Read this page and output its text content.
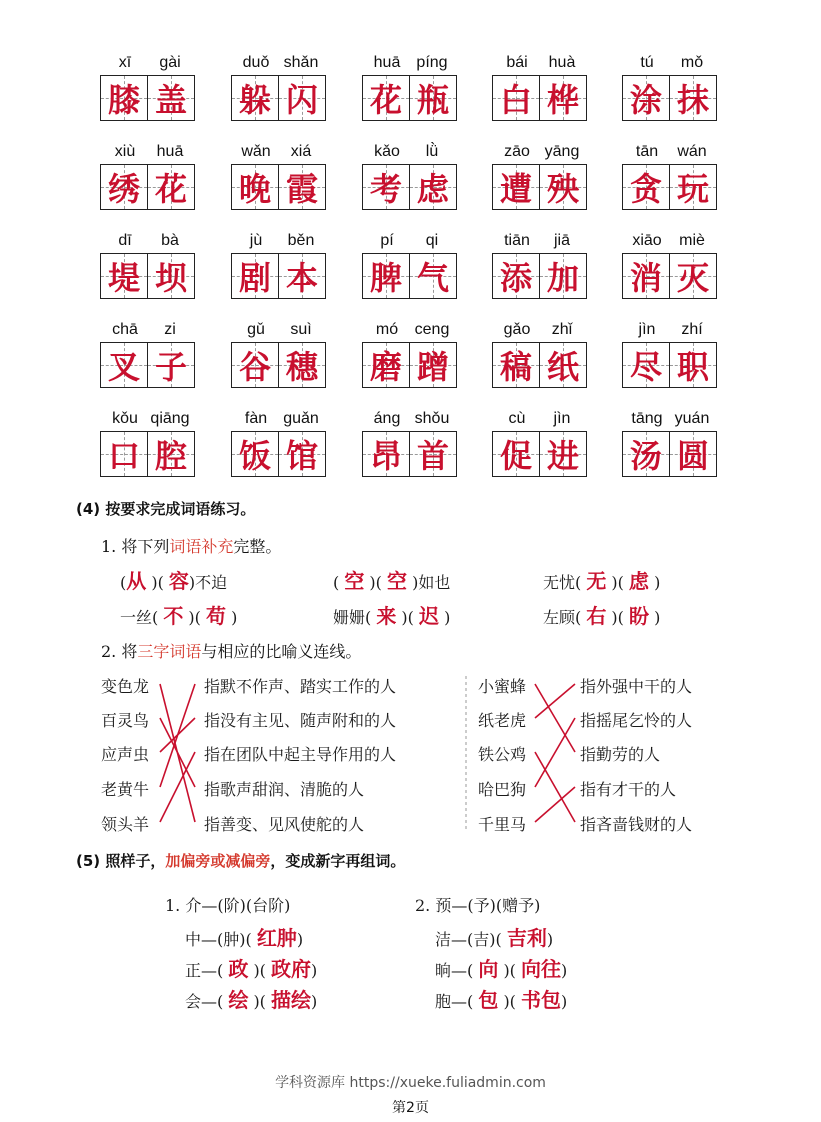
xī	gài
膝 盖
duǒ shǎn
躲 闪
huā	píng
花 瓶
bái	huà
白 桦
tú	mǒ
涂 抹
xiù	huā
绣 花
wǎn	xiá
晚 霞
kǎo	lǜ
考 虑
zāo yāng
遭 殃
tān	wán
贪 玩
dī	bà
堤 坝
jù	běn
剧 本
pí	qi
脾 气
tiān	jiā
添 加
xiāo	miè
消 灭
chā	zi
叉 子
gǔ	suì
谷 穗
mó	ceng
磨 蹭
gǎo	zhǐ
稿 纸
jìn	zhí
尽 职
kǒu qiāng
口 腔
fàn	guǎn
饭 馆
áng shǒu
昂 首
cù	jìn
促 进
tāng yuán
汤 圆
(4) 按要求完成词语练习。
1. 将下列词语补充完整。
(从 )( 容)不迫	( 空 )( 空 )如也	无忧( 无 )( 虑 )
一丝( 不 )( 苟 )	姗姗( 来 )( 迟 )	左顾( 右 )( 盼 )
2. 将三字词语与相应的比喻义连线。
变色龙
百灵鸟
应声虫
老黄牛
领头羊
指默不作声、踏实工作的人
指没有主见、随声附和的人
指在团队中起主导作用的人
指歌声甜润、清脆的人
指善变、见风使舵的人
小蜜蜂
纸老虎
铁公鸡
哈巴狗
千里马
指外强中干的人
指摇尾乞怜的人
指勤劳的人
指有才干的人
指吝啬钱财的人
(5) 照样子，加偏旁或减偏旁，变成新字再组词。
1. 介—(阶)(台阶)
中—(肿)( 红肿)
正—( 政 )( 政府)
会—( 绘 )( 描绘)
2. 预—(予)(赠予)
洁—(吉)( 吉利)
晌—( 向 )( 向往)
胞—( 包 )( 书包)
学科资源库 https://xueke.fuliadmin.com
第2页
